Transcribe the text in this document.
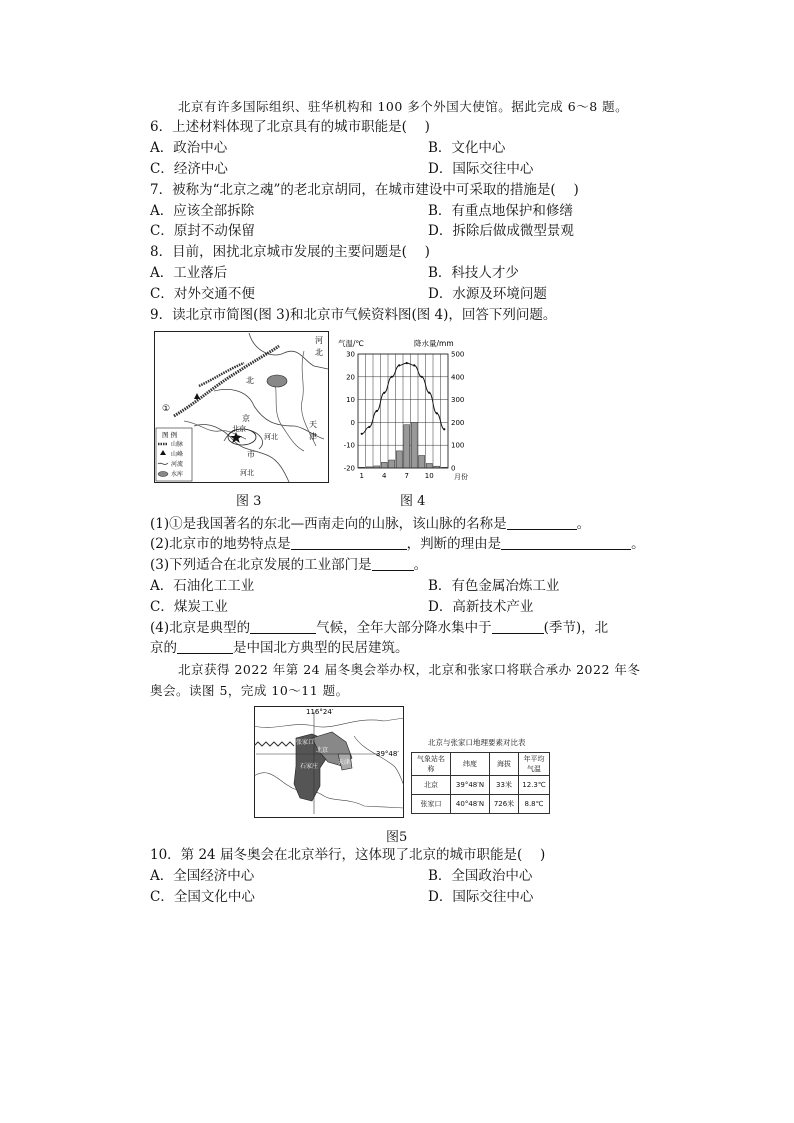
北京有许多国际组织、驻华机构和 100 多个外国大使馆。据此完成 6～8 题。
6．上述材料体现了北京具有的城市职能是(　 )
A．政治中心	B．文化中心
C．经济中心	D．国际交往中心
7．被称为“北京之魂”的老北京胡同，在城市建设中可采取的措施是(　 )
A．应该全部拆除	B．有重点地保护和修缮
C．原封不动保留	D．拆除后做成微型景观
8．目前，困扰北京城市发展的主要问题是(　 )
A．工业落后	B．科技人才少
C．对外交通不便	D．水源及环境问题
9．读北京市简图(图 3)和北京市气候资料图(图 4)，回答下列问题。
河
北
北
京
北京
河北
天
津
市
河北
①
图 例
山脉
山峰
河流
水库
图 3
气温/℃	降水量/mm
30
20
10
0
-10
-20
500
400
300
200
100
0
1	4	7 10	月份
图 4
(1)①是我国著名的东北—西南走向的山脉，该山脉的名称是	。
(2)北京市的地势特点是	，判断的理由是	。
(3)下列适合在北京发展的工业部门是	。
A．石油化工工业	B．有色金属冶炼工业
C．煤炭工业	D．高新技术产业
(4)北京是典型的	气候，全年大部分降水集中于	(季节)，北
京的	是中国北方典型的民居建筑。
北京获得 2022 年第 24 届冬奥会举办权，北京和张家口将联合承办 2022 年冬
奥会。读图 5，完成 10～11 题。
116°24′
39°48′
张家口
北京
天津
石家庄
北京与张家口地理要素对比表
气象站名称	纬度	海拔	年平均气温
北京	39°48′N	33米	12.3℃
张家口	40°48′N	726米	8.8℃
图5
10．第 24 届冬奥会在北京举行，这体现了北京的城市职能是(　 )
A．全国经济中心	B．全国政治中心
C．全国文化中心	D．国际交往中心
